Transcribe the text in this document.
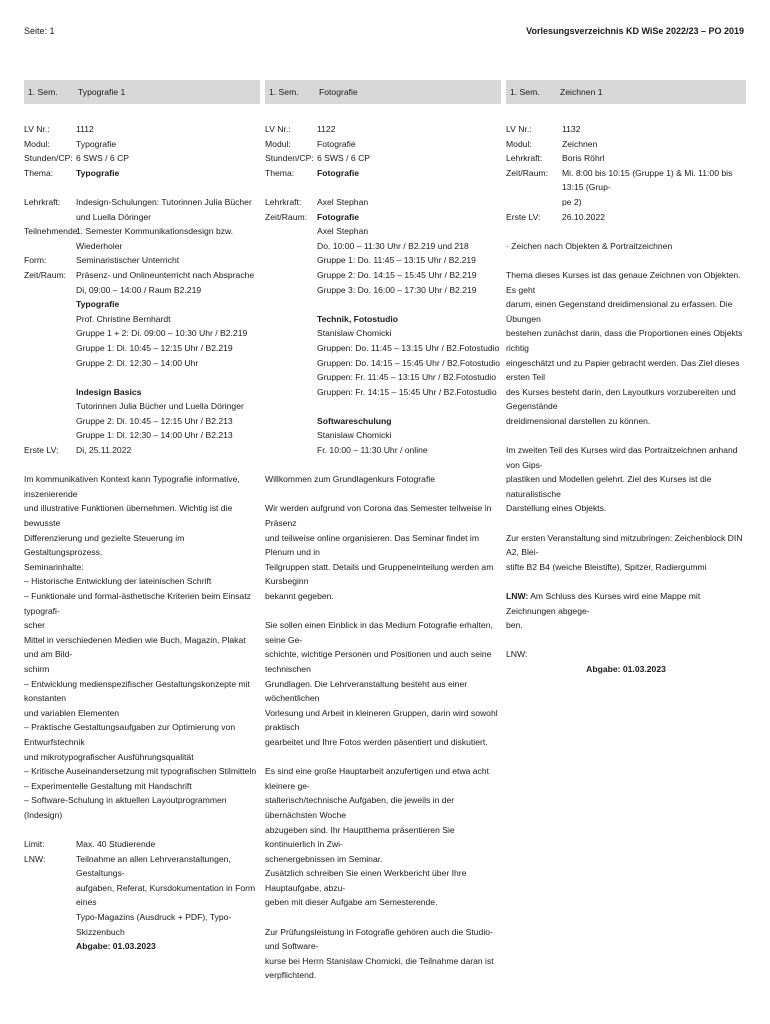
Seite: 1	Vorlesungsverzeichnis KD WiSe 2022/23 – PO 2019
1. Sem.	Typografie 1
LV Nr.:	1112
Modul:	Typografie
Stunden/CP: 6 SWS / 6 CP
Thema:	Typografie
Lehrkraft:	Indesign-Schulungen: Tutorinnen Julia Bücher und Luella Döringer
Teilnehmende:
1. Semester Kommunikationsdesign bzw. Wiederholer
Form:	Seminaristischer Unterricht
Zeit/Raum:	Präsenz- und Onlineunterricht nach Absprache
Di, 09:00 – 14:00 / Raum B2.219
Typografie
Prof. Christine Bernhardt
Gruppe 1 + 2: Di. 09:00 – 10:30 Uhr / B2.219
Gruppe 1: Di. 10:45 – 12:15 Uhr / B2.219
Gruppe 2: Di. 12:30 – 14:00 Uhr
Indesign Basics
Tutorinnen Julia Bücher und Luella Döringer
Gruppe 2: Di. 10:45 – 12:15 Uhr / B2.213
Gruppe 1: Di. 12:30 – 14:00 Uhr / B2.213
Erste LV:	Di, 25.11.2022
Im kommunikativen Kontext kann Typografie informative, inszenierende
und illustrative Funktionen übernehmen. Wichtig ist die bewusste
Differenzierung und gezielte Steuerung im Gestaltungsprozess.
Seminarinhalte:
– Historische Entwicklung der lateinischen Schrift
– Funktionale und formal-ästhetische Kriterien beim Einsatz typografi-
scher
Mittel in verschiedenen Medien wie Buch, Magazin, Plakat und am Bild-
schirm
– Entwicklung medienspezifischer Gestaltungskonzepte mit konstanten
und variablen Elementen
– Praktische Gestaltungsaufgaben zur Optimierung von Entwurfstechnik
und mikrotypografischer Ausführungsqualität
– Kritische Auseinandersetzung mit typografischen Stilmitteln
– Experimentelle Gestaltung mit Handschrift
– Software-Schulung in aktuellen Layoutprogrammen (Indesign)
Limit:	Max. 40 Studierende
LNW:	Teilnahme an allen Lehrveranstaltungen, Gestaltungs-
aufgaben, Referat, Kursdokumentation in Form eines
Typo-Magazins (Ausdruck + PDF), Typo-Skizzenbuch
Abgabe: 01.03.2023
1. Sem.	Fotografie
LV Nr.:	1122
Modul:	Fotografie
Stunden/CP: 6 SWS / 6 CP
Thema:	Fotografie
Lehrkraft:	Axel Stephan
Zeit/Raum:	Fotografie
Axel Stephan
Do. 10:00 – 11:30 Uhr / B2.219 und 218
Gruppe 1: Do. 11:45 – 13:15 Uhr / B2.219
Gruppe 2: Do. 14:15 – 15:45 Uhr / B2.219
Gruppe 3: Do. 16:00 – 17:30 Uhr / B2.219
Technik, Fotostudio
Stanislaw Chomicki
Gruppen: Do. 11:45 – 13:15 Uhr / B2.Fotostudio
Gruppen: Do. 14:15 – 15:45 Uhr / B2.Fotostudio
Gruppen: Fr. 11:45 – 13:15 Uhr / B2.Fotostudio
Gruppen: Fr. 14:15 – 15:45 Uhr / B2.Fotostudio
Softwareschulung
Stanislaw Chomicki
Fr. 10:00 – 11:30 Uhr / online
Willkommen zum Grundlagenkurs Fotografie
Wir werden aufgrund von Corona das Semester teilweise in Präsenz
und teilweise online organisieren. Das Seminar findet im Plenum und in
Teilgruppen statt. Details und Gruppeneinteilung werden am Kursbeginn
bekannt gegeben.
Sie sollen einen Einblick in das Medium Fotografie erhalten, seine Ge-
schichte, wichtige Personen und Positionen und auch seine technischen
Grundlagen. Die Lehrveranstaltung besteht aus einer wöchentlichen
Vorlesung und Arbeit in kleineren Gruppen, darin wird sowohl praktisch
gearbeitet und Ihre Fotos werden päsentiert und diskutiert.
Es sind eine große Hauptarbeit anzufertigen und etwa acht kleinere ge-
stalterisch/technische Aufgaben, die jeweils in der übernächsten Woche
abzugeben sind. Ihr Hauptthema präsentieren Sie kontinuierlich in Zwi-
schenergebnissen im Seminar.
Zusätzlich schreiben Sie einen Werkbericht über Ihre Hauptaufgabe, abzu-
geben mit dieser Aufgabe am Semesterende.
Zur Prüfungsleistung in Fotografie gehören auch die Studio- und Software-
kurse bei Herrn Stanislaw Chomicki, die Teilnahme daran ist verpflichtend.
1. Sem.	Zeichnen 1
LV Nr.:	1132
Modul:	Zeichnen
Lehrkraft:	Boris Röhrl
Zeit/Raum:	Mi. 8:00 bis 10:15 (Gruppe 1) & Mi. 11:00 bis 13:15 (Grup-
pe 2)
Erste LV:	26.10.2022
· Zeichen nach Objekten & Portraitzeichnen
Thema dieses Kurses ist das genaue Zeichnen von Objekten. Es geht
darum, einen Gegenstand dreidimensional zu erfassen. Die Übungen
bestehen zunächst darin, dass die Proportionen eines Objekts richtig
eingeschätzt und zu Papier gebracht werden. Das Ziel dieses ersten Teil
des Kurses besteht darin, den Layoutkurs vorzubereiten und Gegenstände
dreidimensional darstellen zu können.
Im zweiten Teil des Kurses wird das Portraitzeichnen anhand von Gips-
plastiken und Modellen gelehrt. Ziel des Kurses ist die naturalistische
Darstellung eines Objekts.
Zur ersten Veranstaltung sind mitzubringen: Zeichenblock DIN A2, Blei-
stifte B2 B4 (weiche Bleistifte), Spitzer, Radiergummi
LNW: Am Schluss des Kurses wird eine Mappe mit Zeichnungen abgege-
ben.
LNW:
Abgabe: 01.03.2023
